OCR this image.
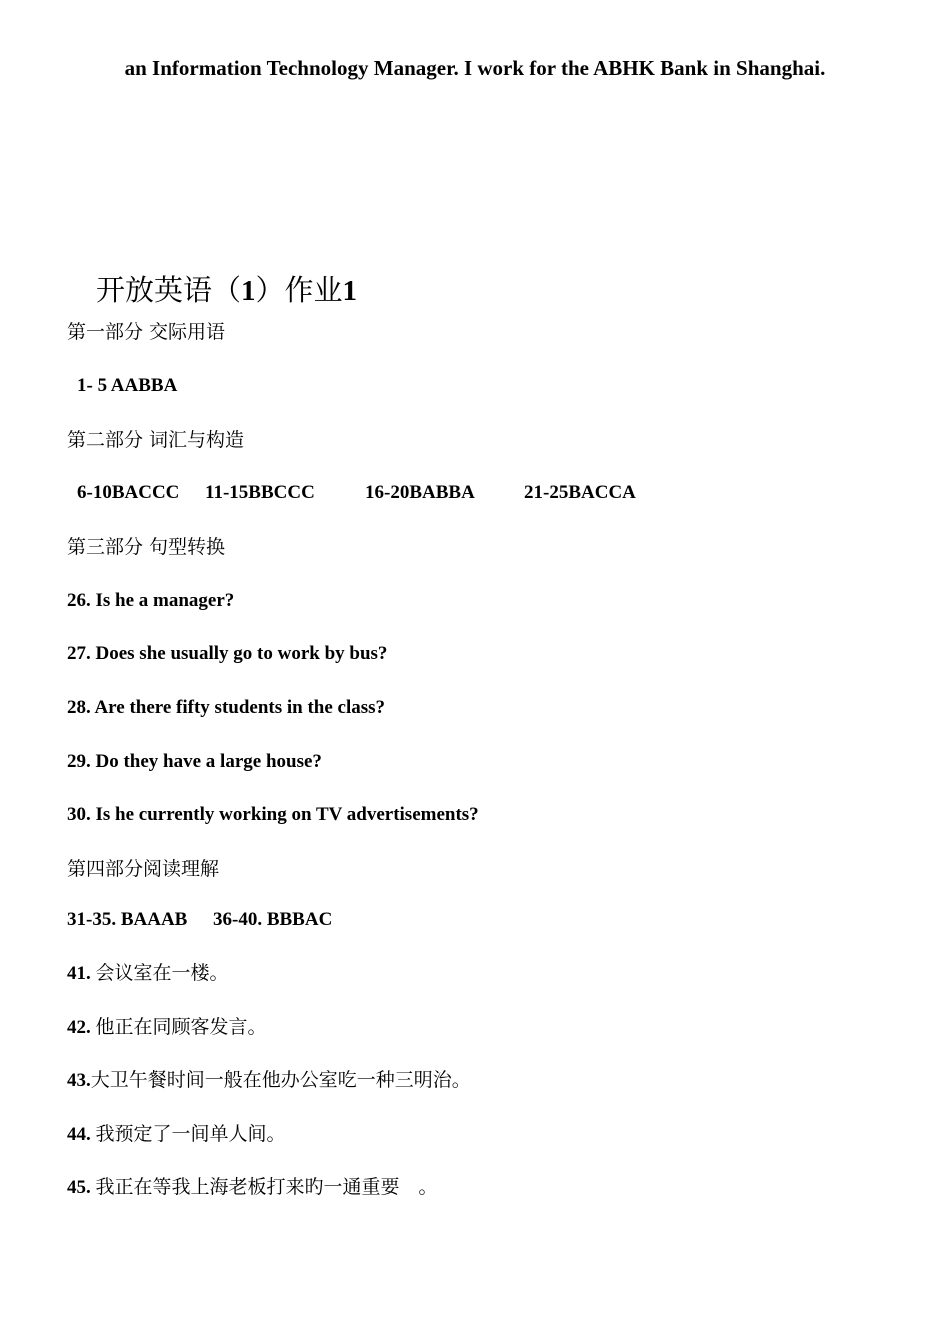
an Information Technology Manager. I work for the ABHK Bank in Shanghai.

开放英语（1）作业1

第一部分 交际用语
1- 5 AABBA
第二部分 词汇与构造
6-10BACCC 11-15BBCCC	16-20BABBA	21-25BACCA
第三部分 句型转换
26. Is he a manager?
27. Does she usually go to work by bus?
28. Are there fifty students in the class?
29. Do they have a large house?
30. Is he currently working on TV advertisements?
第四部分阅读理解
31-35. BAAAB 36-40. BBBAC
41. 会议室在一楼。
42. 他正在同顾客发言。
43.大卫午餐时间一般在他办公室吃一种三明治。
44. 我预定了一间单人间。
45. 我正在等我上海老板打来旳一通重要　。
